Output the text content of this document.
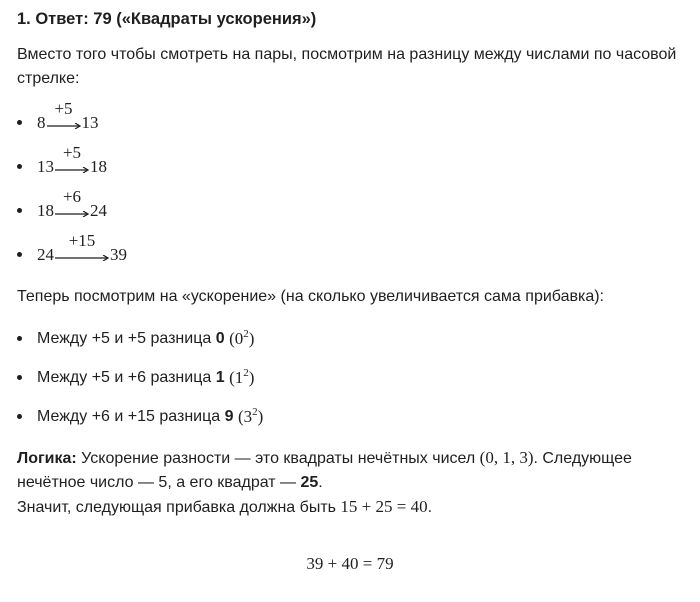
1. Ответ: 79 («Квадраты ускорения»)

Вместо того чтобы смотреть на пары, посмотрим на разницу между числами по часовой стрелке:

8
+5
13
13
+5
18
18
+6
24
24
+15
39

Теперь посмотрим на «ускорение» (на сколько увеличивается сама прибавка):

Между +5 и +5 разница 0
$(0^2)$
Между +5 и +6 разница 1
$(1^2)$
Между +6 и +15 разница 9
$(3^2)$

Логика: Ускорение разности — это квадраты нечётных чисел (0, 1, 3). Следующее нечётное число — 5, а его квадрат — 25.
Значит, следующая прибавка должна быть 15 + 25 = 40.

39 + 40 = 79
